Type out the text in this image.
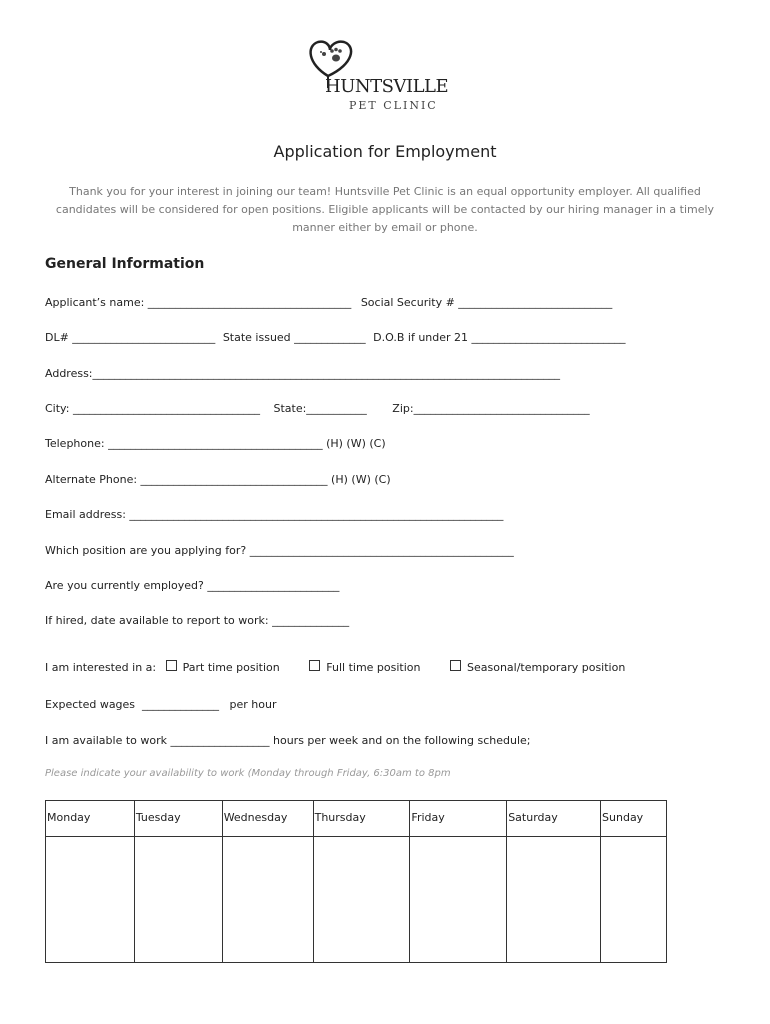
HUNTSVILLE
PET CLINIC
Application for Employment
Thank you for your interest in joining our team! Huntsville Pet Clinic is an equal opportunity employer. All qualified candidates will be considered for open positions. Eligible applicants will be contacted by our hiring manager in a timely manner either by email or phone.
General Information
Applicant’s name: _____________________________________ Social Security # ____________________________
DL# __________________________ State issued _____________ D.O.B if under 21 ____________________________
Address:_____________________________________________________________________________________
City: __________________________________ State:___________ Zip:________________________________
Telephone: _______________________________________ (H) (W) (C)
Alternate Phone: __________________________________ (H) (W) (C)
Email address: ____________________________________________________________________
Which position are you applying for? ________________________________________________
Are you currently employed? ________________________
If hired, date available to report to work: ______________
I am interested in a: Part time position	Full time position	Seasonal/temporary position
Expected wages  ______________   per hour
I am available to work __________________ hours per week and on the following schedule;
Please indicate your availability to work (Monday through Friday, 6:30am to 8pm
Monday	Tuesday	Wednesday	Thursday	Friday	Saturday	Sunday
